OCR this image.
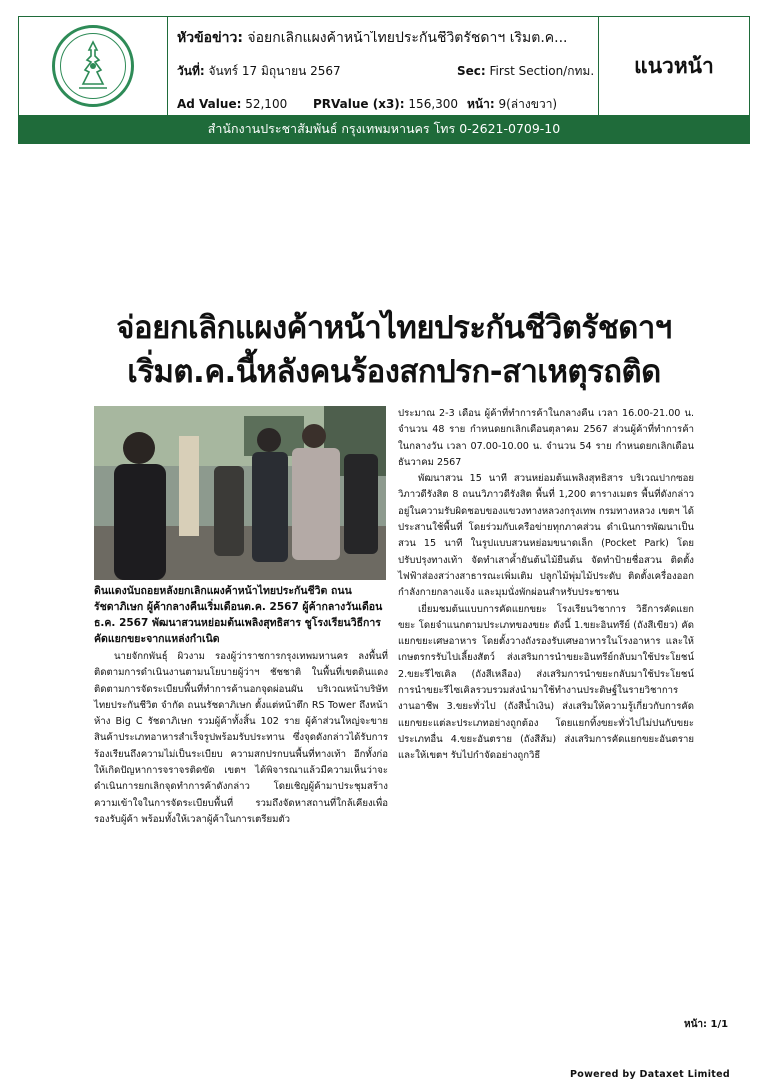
หัวข้อข่าว: จ่อยกเลิกแผงค้าหน้าไทยประกันชีวิตรัชดาฯ เริ่มต.ค...
วันที่: จันทร์ 17 มิถุนายน 2567	Sec: First Section/กทม.
Ad Value: 52,100 PRValue (x3): 156,300 หน้า: 9(ล่างขวา)
แนวหน้า
สำนักงานประชาสัมพันธ์ กรุงเทพมหานคร โทร 0-2621-0709-10
จ่อยกเลิกแผงค้าหน้าไทยประกันชีวิตรัชดาฯ
เริ่มต.ค.นี้หลังคนร้องสกปรก-สาเหตุรถติด
ดินแดงนับถอยหลังยกเลิกแผงค้าหน้าไทยประกันชีวิต ถนนรัชดาภิเษก ผู้ค้ากลางคืนเริ่มเดือนต.ค. 2567 ผู้ค้ากลางวันเดือนธ.ค. 2567 พัฒนาสวนหย่อมต้นเพลิงสุทธิสาร ชูโรงเรียนวิธีการคัดแยกขยะจากแหล่งกำเนิด

นายจักกพันธุ์ ผิวงาม รองผู้ว่าราชการกรุงเทพมหานคร ลงพื้นที่ติดตามการดำเนินงานตามนโยบายผู้ว่าฯ ชัชชาติ ในพื้นที่เขตดินแดง ติดตามการจัดระเบียบพื้นที่ทำการค้านอกจุดผ่อนผัน บริเวณหน้าบริษัท ไทยประกันชีวิต จำกัด ถนนรัชดาภิเษก ตั้งแต่หน้าตึก RS Tower ถึงหน้าห้าง Big C รัชดาภิเษก รวมผู้ค้าทั้งสิ้น 102 ราย ผู้ค้าส่วนใหญ่จะขายสินค้าประเภทอาหารสำเร็จรูปพร้อมรับประทาน ซึ่งจุดดังกล่าวได้รับการร้องเรียนถึงความไม่เป็นระเบียบ ความสกปรกบนพื้นที่ทางเท้า อีกทั้งก่อให้เกิดปัญหาการจราจรติดขัด เขตฯ ได้พิจารณาแล้วมีความเห็นว่าจะดำเนินการยกเลิกจุดทำการค้าดังกล่าว โดยเชิญผู้ค้ามาประชุมสร้างความเข้าใจในการจัดระเบียบพื้นที่ รวมถึงจัดหาสถานที่ใกล้เคียงเพื่อรองรับผู้ค้า พร้อมทั้งให้เวลาผู้ค้าในการเตรียมตัว

ประมาณ 2-3 เดือน ผู้ค้าที่ทำการค้าในกลางคืน เวลา 16.00-21.00 น. จำนวน 48 ราย กำหนดยกเลิกเดือนตุลาคม 2567 ส่วนผู้ค้าที่ทำการค้าในกลางวัน เวลา 07.00-10.00 น. จำนวน 54 ราย กำหนดยกเลิกเดือนธันวาคม 2567

พัฒนาสวน 15 นาที สวนหย่อมต้นเพลิงสุทธิสาร บริเวณปากซอยวิภาวดีรังสิต 8 ถนนวิภาวดีรังสิต พื้นที่ 1,200 ตารางเมตร พื้นที่ดังกล่าวอยู่ในความรับผิดชอบของแขวงทางหลวงกรุงเทพ กรมทางหลวง เขตฯ ได้ประสานใช้พื้นที่ โดยร่วมกับเครือข่ายทุกภาคส่วน ดำเนินการพัฒนาเป็นสวน 15 นาที ในรูปแบบสวนหย่อมขนาดเล็ก (Pocket Park) โดยปรับปรุงทางเท้า จัดทำเสาค้ำยันต้นไม้ยืนต้น จัดทำป้ายชื่อสวน ติดตั้งไฟฟ้าส่องสว่างสาธารณะเพิ่มเติม ปลูกไม้พุ่มไม้ประดับ ติดตั้งเครื่องออกกำลังกายกลางแจ้ง และมุมนั่งพักผ่อนสำหรับประชาชน

เยี่ยมชมต้นแบบการคัดแยกขยะ โรงเรียนวิชาการ วิธีการคัดแยกขยะ โดยจำแนกตามประเภทของขยะ ดังนี้ 1.ขยะอินทรีย์ (ถังสีเขียว) คัดแยกขยะเศษอาหาร โดยตั้งวางถังรองรับเศษอาหารในโรงอาหาร และให้เกษตรกรรับไปเลี้ยงสัตว์ ส่งเสริมการนำขยะอินทรีย์กลับมาใช้ประโยชน์ 2.ขยะรีไซเคิล (ถังสีเหลือง) ส่งเสริมการนำขยะกลับมาใช้ประโยชน์ การนำขยะรีไซเคิลรวบรวมส่งนำมาใช้ทำงานประดิษฐ์ในรายวิชาการงานอาชีพ 3.ขยะทั่วไป (ถังสีน้ำเงิน) ส่งเสริมให้ความรู้เกี่ยวกับการคัดแยกขยะแต่ละประเภทอย่างถูกต้อง โดยแยกทิ้งขยะทั่วไปไม่ปนกับขยะประเภทอื่น 4.ขยะอันตราย (ถังสีส้ม) ส่งเสริมการคัดแยกขยะอันตรายและให้เขตฯ รับไปกำจัดอย่างถูกวิธี

หน้า: 1/1
Powered by Dataxet Limited
